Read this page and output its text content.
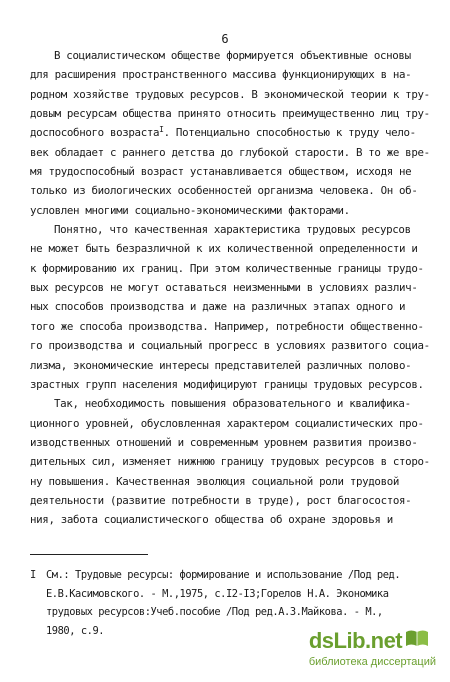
6
В социалистическом обществе формируется объективные основы
для расширения пространственного массива функционирующих в на-
родном хозяйстве трудовых ресурсов. В экономической теории к тру-
довым ресурсам общества принято относить преимущественно лиц тру-
доспособного возраста$^I$. Потенциально способностью к труду чело-
век обладает с раннего детства до глубокой старости. В то же вре-
мя трудоспособный возраст устанавливается обществом, исходя не
только из биологических особенностей организма человека. Он об-
условлен многими социально-экономическими факторами.
Понятно, что качественная характеристика трудовых ресурсов
не может быть безразличной к их количественной определенности и
к формированию их границ. При этом количественные границы трудо-
вых ресурсов не могут оставаться неизменными в условиях различ-
ных способов производства и даже на различных этапах одного и
того же способа производства. Например, потребности общественно-
го производства и социальный прогресс в условиях развитого социа-
лизма, экономические интересы представителей различных полово-
зрастных групп населения модифицируют границы трудовых ресурсов.
Так, необходимость повышения образовательного и квалифика-
ционного уровней, обусловленная характером социалистических про-
изводственных отношений и современным уровнем развития произво-
дительных сил, изменяет нижнюю границу трудовых ресурсов в сторо-
ну повышения. Качественная эволюция социальной роли трудовой
деятельности (развитие потребности в труде), рост благосостоя-
ния, забота социалистического общества об охране здоровья и
I См.: Трудовые ресурсы: формирование и использование /Под ред.
Е.В.Касимовского. - М.,1975, с.I2-I3;Горелов Н.А. Экономика
трудовых ресурсов:Учеб.пособие /Под ред.А.З.Майкова. - М.,
1980, с.9.	dsLib.net
библиотека диссертаций
